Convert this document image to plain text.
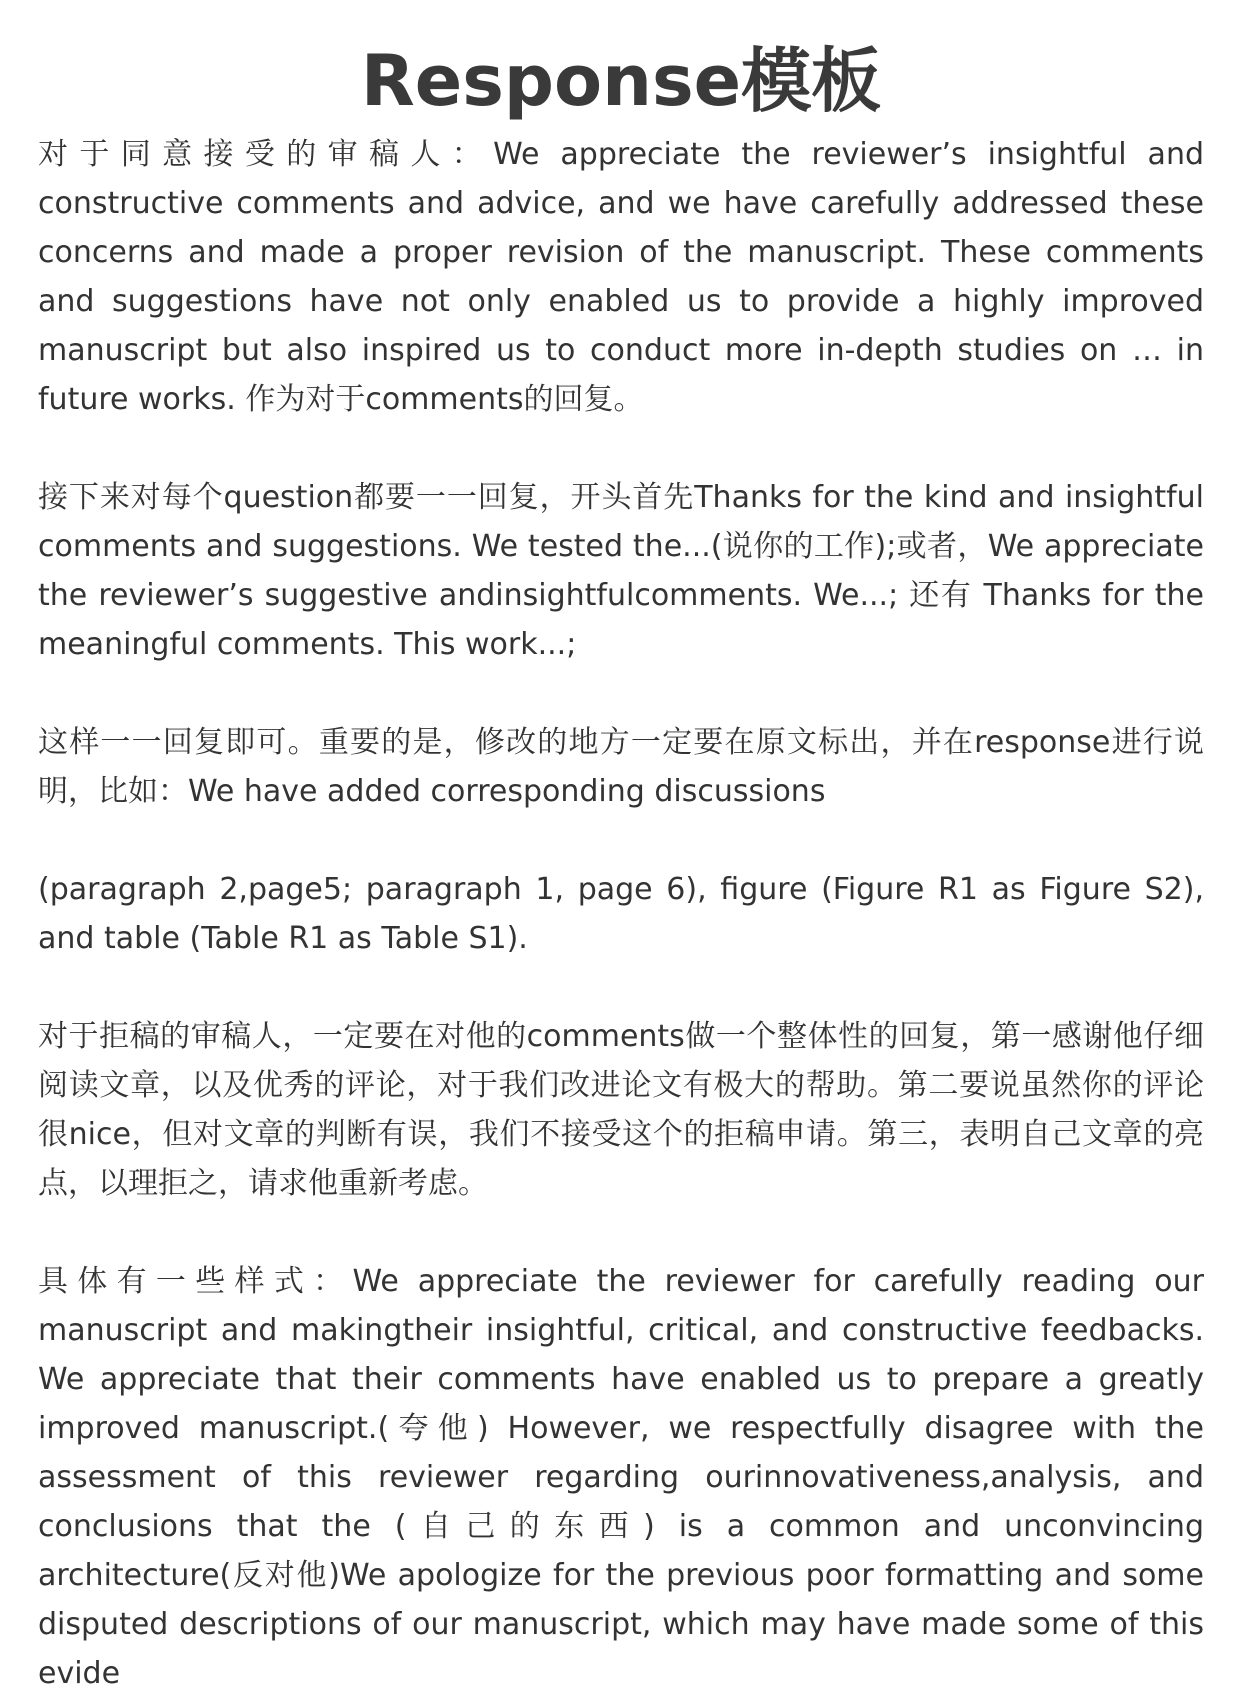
Response模板

对于同意接受的审稿人：We appreciate the reviewer’s insightful and constructive comments and advice, and we have carefully addressed these concerns and made a proper revision of the manuscript. These comments and suggestions have not only enabled us to provide a highly improved manuscript but also inspired us to conduct more in-depth studies on … in future works. 作为对于comments的回复。

接下来对每个question都要一一回复，开头首先Thanks for the kind and insightful comments and suggestions. We tested the...(说你的工作);或者，We appreciate the reviewer’s suggestive andinsightfulcomments. We...; 还有 Thanks for the meaningful comments. This work...;

这样一一回复即可。重要的是，修改的地方一定要在原文标出，并在response进行说明，比如：We have added corresponding discussions

(paragraph 2,page5; paragraph 1, page 6), figure (Figure R1 as Figure S2), and table (Table R1 as Table S1).

对于拒稿的审稿人，一定要在对他的comments做一个整体性的回复，第一感谢他仔细阅读文章，以及优秀的评论，对于我们改进论文有极大的帮助。第二要说虽然你的评论很nice，但对文章的判断有误，我们不接受这个的拒稿申请。第三，表明自己文章的亮点，以理拒之，请求他重新考虑。

具体有一些样式：We appreciate the reviewer for carefully reading our manuscript and makingtheir insightful, critical, and constructive feedbacks. We appreciate that their comments have enabled us to prepare a greatly improved manuscript.(夸他) However, we respectfully disagree with the assessment of this reviewer regarding ourinnovativeness,analysis, and conclusions that the (自己的东西) is a common and unconvincing architecture(反对他)We apologize for the previous poor formatting and some disputed descriptions of our manuscript, which may have made some of this evide
